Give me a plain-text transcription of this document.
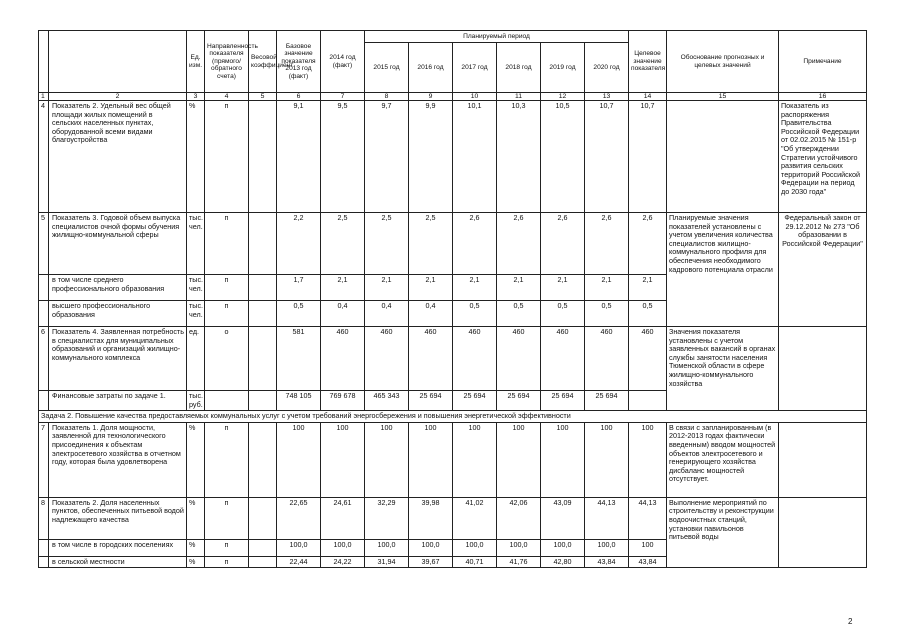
		Ед. изм.	Направленность показателя (прямого/обратного счета)	Весовой коэффициент	Базовое значение показателя 2013 год (факт)	2014 год (факт)	Планируемый период						Целевое значение показателя	Обоснование прогнозных и целевых значений	Примечание
							2015 год	2016 год	2017 год	2018 год	2019 год	2020 год			
1	2	3	4	5	6	7	8	9	10	11	12	13	14	15	16
4	Показатель 2. Удельный вес общей площади жилых помещений в сельских населенных пунктах, оборудованной всеми видами благоустройства	%	п		9,1	9,5	9,7	9,9	10,1	10,3	10,5	10,7	10,7		Показатель из распоряжения Правительства Российской Федерации от 02.02.2015 № 151-р "Об утверждении Стратегии устойчивого развития сельских территорий Российской Федерации на период до 2030 года"
5	Показатель 3. Годовой объем выпуска специалистов очной формы обучения жилищно-коммунальной сферы	тыс. чел.	п		2,2	2,5	2,5	2,5	2,6	2,6	2,6	2,6	2,6	Планируемые значения показателей установлены с учетом увеличения количества специалистов жилищно-коммунального профиля для обеспечения необходимого кадрового потенциала отрасли	Федеральный закон от 29.12.2012 № 273 "Об образовании в Российской Федерации"
	в том числе среднего профессионального образования	тыс. чел.	п		1,7	2,1	2,1	2,1	2,1	2,1	2,1	2,1	2,1		
	высшего профессионального образования	тыс. чел.	п		0,5	0,4	0,4	0,4	0,5	0,5	0,5	0,5	0,5		
6	Показатель 4. Заявленная потребность в специалистах для муниципальных образований и организаций жилищно-коммунального комплекса	ед.	о		581	460	460	460	460	460	460	460	460	Значения показателя установлены с учетом заявленных вакансий в органах службы занятости населения Тюменской области в сфере жилищно-коммунального хозяйства	
	Финансовые затраты по задаче 1.	тыс. руб.			748 105	769 678	465 343	25 694	25 694	25 694	25 694	25 694			
Задача 2. Повышение качества предоставляемых коммунальных услуг с учетом требований энергосбережения и повышения энергетической эффективности															
7	Показатель 1. Доля мощности, заявленной для технологического присоединения к объектам электросетевого хозяйства в отчетном году, которая была удовлетворена	%	п		100	100	100	100	100	100	100	100	100	В связи с запланированным (в 2012-2013 годах фактически введенным) вводом мощностей объектов электросетевого и генерирующего хозяйства дисбаланс мощностей отсутствует.	
8	Показатель 2. Доля населенных пунктов, обеспеченных питьевой водой надлежащего качества	%	п		22,65	24,61	32,29	39,98	41,02	42,06	43,09	44,13	44,13	Выполнение мероприятий по строительству и реконструкции водоочистных станций, установки павильонов питьевой воды	
	в том числе в городских поселениях	%	п		100,0	100,0	100,0	100,0	100,0	100,0	100,0	100,0	100		
	в сельской местности	%	п		22,44	24,22	31,94	39,67	40,71	41,76	42,80	43,84	43,84		
2
